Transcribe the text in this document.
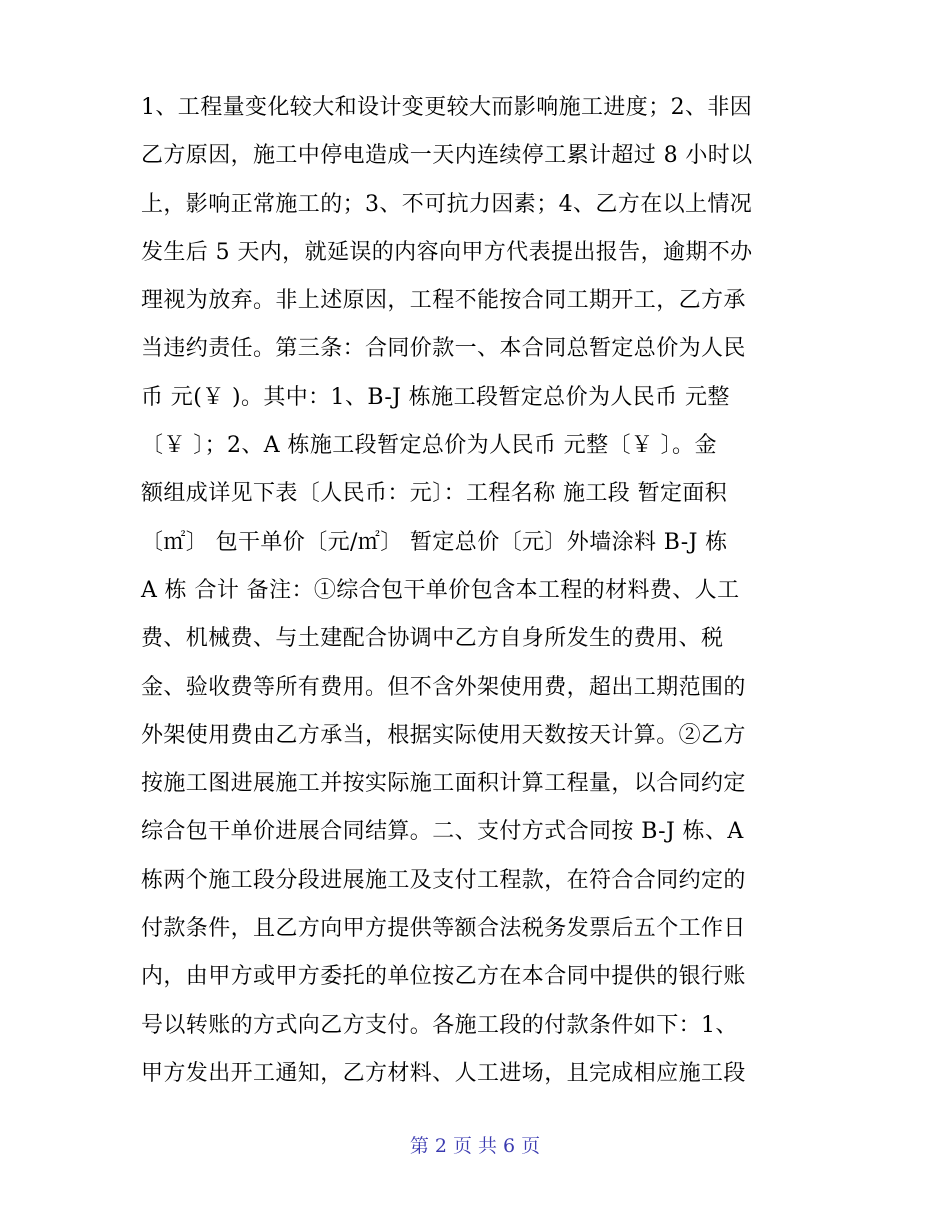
1、工程量变化较大和设计变更较大而影响施工进度；2、非因
乙方原因，施工中停电造成一天内连续停工累计超过 8 小时以
上，影响正常施工的；3、不可抗力因素；4、乙方在以上情况
发生后 5 天内，就延误的内容向甲方代表提出报告，逾期不办
理视为放弃。非上述原因，工程不能按合同工期开工，乙方承
当违约责任。第三条：合同价款一、本合同总暂定总价为人民
币 元(￥ )。其中：1、B-J 栋施工段暂定总价为人民币 元整
〔￥ 〕；2、A 栋施工段暂定总价为人民币 元整〔￥ 〕。金
额组成详见下表〔人民币：元〕：工程名称 施工段 暂定面积
〔㎡〕 包干单价〔元/㎡〕 暂定总价〔元〕外墙涂料 B-J 栋
A 栋 合计 备注：①综合包干单价包含本工程的材料费、人工
费、机械费、与土建配合协调中乙方自身所发生的费用、税
金、验收费等所有费用。但不含外架使用费，超出工期范围的
外架使用费由乙方承当，根据实际使用天数按天计算。②乙方
按施工图进展施工并按实际施工面积计算工程量，以合同约定
综合包干单价进展合同结算。二、支付方式合同按 B-J 栋、A
栋两个施工段分段进展施工及支付工程款，在符合合同约定的
付款条件，且乙方向甲方提供等额合法税务发票后五个工作日
内，由甲方或甲方委托的单位按乙方在本合同中提供的银行账
号以转账的方式向乙方支付。各施工段的付款条件如下：1、
甲方发出开工通知，乙方材料、人工进场，且完成相应施工段
第 2 页 共 6 页
